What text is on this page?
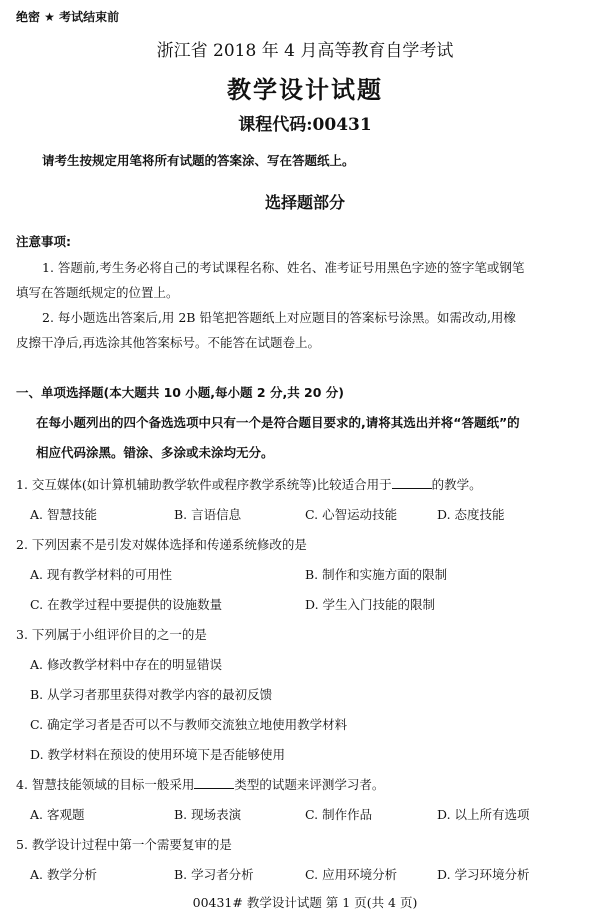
绝密 ★ 考试结束前
浙江省 2018 年 4 月高等教育自学考试
教学设计试题
课程代码:00431
请考生按规定用笔将所有试题的答案涂、写在答题纸上。
选择题部分
注意事项:
1. 答题前,考生务必将自己的考试课程名称、姓名、准考证号用黑色字迹的签字笔或钢笔
填写在答题纸规定的位置上。
2. 每小题选出答案后,用 2B 铅笔把答题纸上对应题目的答案标号涂黑。如需改动,用橡
皮擦干净后,再选涂其他答案标号。不能答在试题卷上。
一、单项选择题(本大题共 10 小题,每小题 2 分,共 20 分)
在每小题列出的四个备选选项中只有一个是符合题目要求的,请将其选出并将“答题纸”的
相应代码涂黑。错涂、多涂或未涂均无分。
1. 交互媒体(如计算机辅助教学软件或程序教学系统等)比较适合用于	的教学。
A. 智慧技能	B. 言语信息	C. 心智运动技能	D. 态度技能
2. 下列因素不是引发对媒体选择和传递系统修改的是
A. 现有教学材料的可用性	B. 制作和实施方面的限制
C. 在教学过程中要提供的设施数量	D. 学生入门技能的限制
3. 下列属于小组评价目的之一的是
A. 修改教学材料中存在的明显错误
B. 从学习者那里获得对教学内容的最初反馈
C. 确定学习者是否可以不与教师交流独立地使用教学材料
D. 教学材料在预设的使用环境下是否能够使用
4. 智慧技能领域的目标一般采用	类型的试题来评测学习者。
A. 客观题	B. 现场表演	C. 制作作品	D. 以上所有选项
5. 教学设计过程中第一个需要复审的是
A. 教学分析	B. 学习者分析	C. 应用环境分析	D. 学习环境分析
00431# 教学设计试题 第 1 页(共 4 页)
